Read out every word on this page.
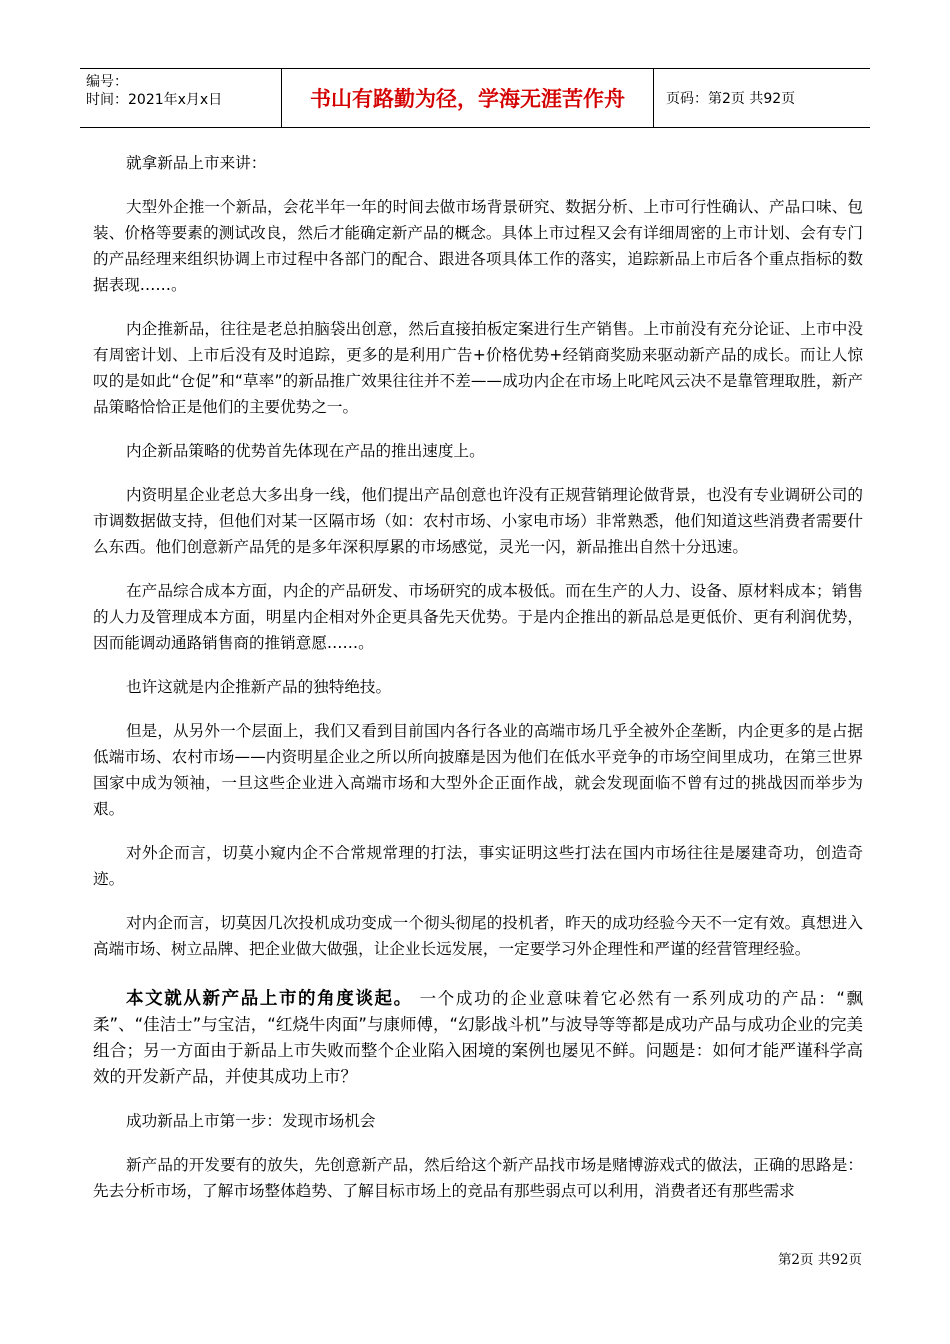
编号：
时间：2021年x月x日	书山有路勤为径，学海无涯苦作舟	页码：第2页 共92页

就拿新品上市来讲：

大型外企推一个新品，会花半年一年的时间去做市场背景研究、数据分析、上市可行性确认、产品口味、包装、价格等要素的测试改良，然后才能确定新产品的概念。具体上市过程又会有详细周密的上市计划、会有专门的产品经理来组织协调上市过程中各部门的配合、跟进各项具体工作的落实，追踪新品上市后各个重点指标的数据表现……。

内企推新品，往往是老总拍脑袋出创意，然后直接拍板定案进行生产销售。上市前没有充分论证、上市中没有周密计划、上市后没有及时追踪，更多的是利用广告+价格优势+经销商奖励来驱动新产品的成长。而让人惊叹的是如此“仓促”和“草率”的新品推广效果往往并不差——成功内企在市场上叱咤风云决不是靠管理取胜，新产品策略恰恰正是他们的主要优势之一。

内企新品策略的优势首先体现在产品的推出速度上。

内资明星企业老总大多出身一线，他们提出产品创意也许没有正规营销理论做背景，也没有专业调研公司的市调数据做支持，但他们对某一区隔市场（如：农村市场、小家电市场）非常熟悉，他们知道这些消费者需要什么东西。他们创意新产品凭的是多年深积厚累的市场感觉，灵光一闪，新品推出自然十分迅速。

在产品综合成本方面，内企的产品研发、市场研究的成本极低。而在生产的人力、设备、原材料成本；销售的人力及管理成本方面，明星内企相对外企更具备先天优势。于是内企推出的新品总是更低价、更有利润优势，因而能调动通路销售商的推销意愿……。

也许这就是内企推新产品的独特绝技。

但是，从另外一个层面上，我们又看到目前国内各行各业的高端市场几乎全被外企垄断，内企更多的是占据低端市场、农村市场——内资明星企业之所以所向披靡是因为他们在低水平竞争的市场空间里成功，在第三世界国家中成为领袖，一旦这些企业进入高端市场和大型外企正面作战，就会发现面临不曾有过的挑战因而举步为艰。

对外企而言，切莫小窥内企不合常规常理的打法，事实证明这些打法在国内市场往往是屡建奇功，创造奇迹。

对内企而言，切莫因几次投机成功变成一个彻头彻尾的投机者，昨天的成功经验今天不一定有效。真想进入高端市场、树立品牌、把企业做大做强，让企业长远发展，一定要学习外企理性和严谨的经营管理经验。

本文就从新产品上市的角度谈起。 一个成功的企业意味着它必然有一系列成功的产品：“飘柔”、“佳洁士”与宝洁，“红烧牛肉面”与康师傅，“幻影战斗机”与波导等等都是成功产品与成功企业的完美组合；另一方面由于新品上市失败而整个企业陷入困境的案例也屡见不鲜。问题是：如何才能严谨科学高效的开发新产品，并使其成功上市？

成功新品上市第一步：发现市场机会

新产品的开发要有的放失，先创意新产品，然后给这个新产品找市场是赌博游戏式的做法，正确的思路是：先去分析市场，了解市场整体趋势、了解目标市场上的竞品有那些弱点可以利用，消费者还有那些需求

第2页 共92页
